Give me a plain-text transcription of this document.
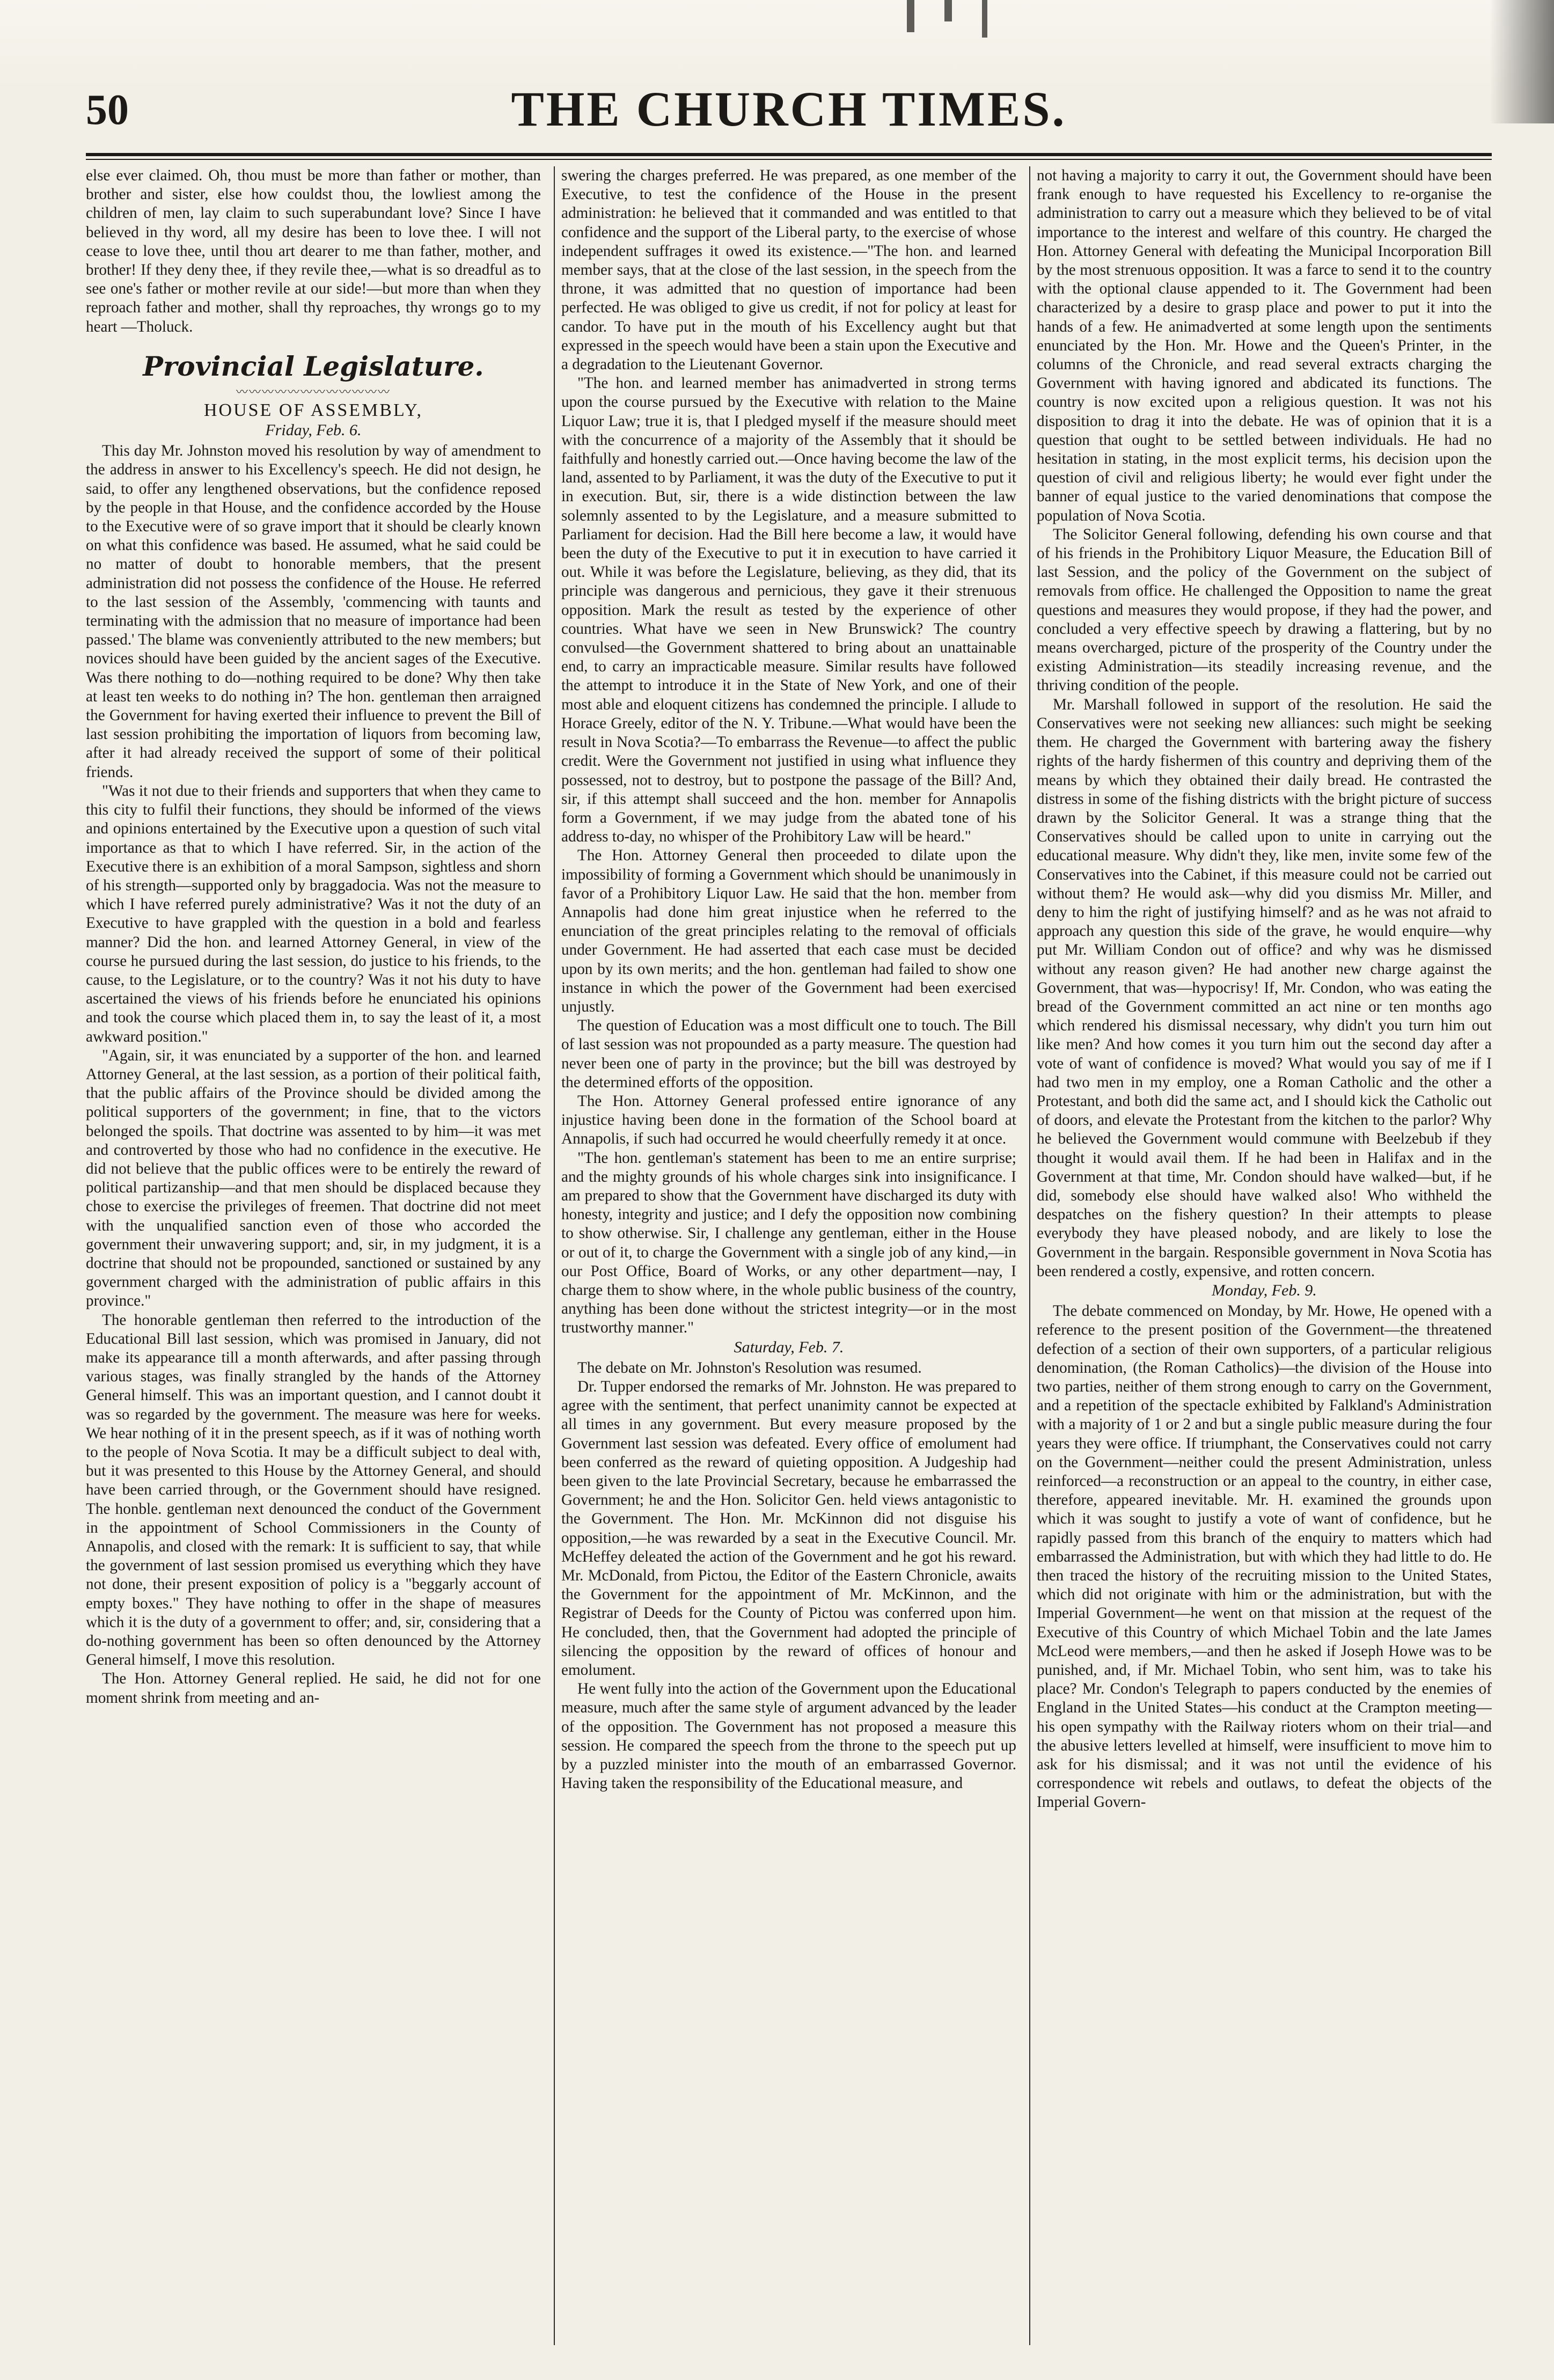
50	THE CHURCH TIMES.

else ever claimed. Oh, thou must be more than father or mother, than brother and sister, else how couldst thou, the lowliest among the children of men, lay claim to such superabundant love? Since I have believed in thy word, all my desire has been to love thee. I will not cease to love thee, until thou art dearer to me than father, mother, and brother! If they deny thee, if they revile thee,—what is so dreadful as to see one's father or mother revile at our side!—but more than when they reproach father and mother, shall thy reproaches, thy wrongs go to my heart —Tholuck.

Provincial Legislature.
〰〰〰〰〰〰〰〰〰〰〰〰
HOUSE OF ASSEMBLY,
Friday, Feb. 6.

This day Mr. Johnston moved his resolution by way of amendment to the address in answer to his Excellency's speech. He did not design, he said, to offer any lengthened observations, but the confidence reposed by the people in that House, and the confidence accorded by the House to the Executive were of so grave import that it should be clearly known on what this confidence was based. He assumed, what he said could be no matter of doubt to honorable members, that the present administration did not possess the confidence of the House. He referred to the last session of the Assembly, 'commencing with taunts and terminating with the admission that no measure of importance had been passed.' The blame was conveniently attributed to the new members; but novices should have been guided by the ancient sages of the Executive. Was there nothing to do—nothing required to be done? Why then take at least ten weeks to do nothing in? The hon. gentleman then arraigned the Government for having exerted their influence to prevent the Bill of last session prohibiting the importation of liquors from becoming law, after it had already received the support of some of their political friends.

"Was it not due to their friends and supporters that when they came to this city to fulfil their functions, they should be informed of the views and opinions entertained by the Executive upon a question of such vital importance as that to which I have referred. Sir, in the action of the Executive there is an exhibition of a moral Sampson, sightless and shorn of his strength—supported only by braggadocia. Was not the measure to which I have referred purely administrative? Was it not the duty of an Executive to have grappled with the question in a bold and fearless manner? Did the hon. and learned Attorney General, in view of the course he pursued during the last session, do justice to his friends, to the cause, to the Legislature, or to the country? Was it not his duty to have ascertained the views of his friends before he enunciated his opinions and took the course which placed them in, to say the least of it, a most awkward position."

"Again, sir, it was enunciated by a supporter of the hon. and learned Attorney General, at the last session, as a portion of their political faith, that the public affairs of the Province should be divided among the political supporters of the government; in fine, that to the victors belonged the spoils. That doctrine was assented to by him—it was met and controverted by those who had no confidence in the executive. He did not believe that the public offices were to be entirely the reward of political partizanship—and that men should be displaced because they chose to exercise the privileges of freemen. That doctrine did not meet with the unqualified sanction even of those who accorded the government their unwavering support; and, sir, in my judgment, it is a doctrine that should not be propounded, sanctioned or sustained by any government charged with the administration of public affairs in this province."

The honorable gentleman then referred to the introduction of the Educational Bill last session, which was promised in January, did not make its appearance till a month afterwards, and after passing through various stages, was finally strangled by the hands of the Attorney General himself. This was an important question, and I cannot doubt it was so regarded by the government. The measure was here for weeks. We hear nothing of it in the present speech, as if it was of nothing worth to the people of Nova Scotia. It may be a difficult subject to deal with, but it was presented to this House by the Attorney General, and should have been carried through, or the Government should have resigned. The honble. gentleman next denounced the conduct of the Government in the appointment of School Commissioners in the County of Annapolis, and closed with the remark: It is sufficient to say, that while the government of last session promised us everything which they have not done, their present exposition of policy is a "beggarly account of empty boxes." They have nothing to offer in the shape of measures which it is the duty of a government to offer; and, sir, considering that a do-nothing government has been so often denounced by the Attorney General himself, I move this resolution.

The Hon. Attorney General replied. He said, he did not for one moment shrink from meeting and an-

swering the charges preferred. He was prepared, as one member of the Executive, to test the confidence of the House in the present administration: he believed that it commanded and was entitled to that confidence and the support of the Liberal party, to the exercise of whose independent suffrages it owed its existence.—"The hon. and learned member says, that at the close of the last session, in the speech from the throne, it was admitted that no question of importance had been perfected. He was obliged to give us credit, if not for policy at least for candor. To have put in the mouth of his Excellency aught but that expressed in the speech would have been a stain upon the Executive and a degradation to the Lieutenant Governor.

"The hon. and learned member has animadverted in strong terms upon the course pursued by the Executive with relation to the Maine Liquor Law; true it is, that I pledged myself if the measure should meet with the concurrence of a majority of the Assembly that it should be faithfully and honestly carried out.—Once having become the law of the land, assented to by Parliament, it was the duty of the Executive to put it in execution. But, sir, there is a wide distinction between the law solemnly assented to by the Legislature, and a measure submitted to Parliament for decision. Had the Bill here become a law, it would have been the duty of the Executive to put it in execution to have carried it out. While it was before the Legislature, believing, as they did, that its principle was dangerous and pernicious, they gave it their strenuous opposition. Mark the result as tested by the experience of other countries. What have we seen in New Brunswick? The country convulsed—the Government shattered to bring about an unattainable end, to carry an impracticable measure. Similar results have followed the attempt to introduce it in the State of New York, and one of their most able and eloquent citizens has condemned the principle. I allude to Horace Greely, editor of the N. Y. Tribune.—What would have been the result in Nova Scotia?—To embarrass the Revenue—to affect the public credit. Were the Government not justified in using what influence they possessed, not to destroy, but to postpone the passage of the Bill? And, sir, if this attempt shall succeed and the hon. member for Annapolis form a Government, if we may judge from the abated tone of his address to-day, no whisper of the Prohibitory Law will be heard."

The Hon. Attorney General then proceeded to dilate upon the impossibility of forming a Government which should be unanimously in favor of a Prohibitory Liquor Law. He said that the hon. member from Annapolis had done him great injustice when he referred to the enunciation of the great principles relating to the removal of officials under Government. He had asserted that each case must be decided upon by its own merits; and the hon. gentleman had failed to show one instance in which the power of the Government had been exercised unjustly.

The question of Education was a most difficult one to touch. The Bill of last session was not propounded as a party measure. The question had never been one of party in the province; but the bill was destroyed by the determined efforts of the opposition.

The Hon. Attorney General professed entire ignorance of any injustice having been done in the formation of the School board at Annapolis, if such had occurred he would cheerfully remedy it at once.

"The hon. gentleman's statement has been to me an entire surprise; and the mighty grounds of his whole charges sink into insignificance. I am prepared to show that the Government have discharged its duty with honesty, integrity and justice; and I defy the opposition now combining to show otherwise. Sir, I challenge any gentleman, either in the House or out of it, to charge the Government with a single job of any kind,—in our Post Office, Board of Works, or any other department—nay, I charge them to show where, in the whole public business of the country, anything has been done without the strictest integrity—or in the most trustworthy manner."

Saturday, Feb. 7.

The debate on Mr. Johnston's Resolution was resumed.

Dr. Tupper endorsed the remarks of Mr. Johnston. He was prepared to agree with the sentiment, that perfect unanimity cannot be expected at all times in any government. But every measure proposed by the Government last session was defeated. Every office of emolument had been conferred as the reward of quieting opposition. A Judgeship had been given to the late Provincial Secretary, because he embarrassed the Government; he and the Hon. Solicitor Gen. held views antagonistic to the Government. The Hon. Mr. McKinnon did not disguise his opposition,—he was rewarded by a seat in the Executive Council. Mr. McHeffey deleated the action of the Government and he got his reward. Mr. McDonald, from Pictou, the Editor of the Eastern Chronicle, awaits the Government for the appointment of Mr. McKinnon, and the Registrar of Deeds for the County of Pictou was conferred upon him. He concluded, then, that the Government had adopted the principle of silencing the opposition by the reward of offices of honour and emolument.

He went fully into the action of the Government upon the Educational measure, much after the same style of argument advanced by the leader of the opposition. The Government has not proposed a measure this session. He compared the speech from the throne to the speech put up by a puzzled minister into the mouth of an embarrassed Governor. Having taken the responsibility of the Educational measure, and

not having a majority to carry it out, the Government should have been frank enough to have requested his Excellency to re-organise the administration to carry out a measure which they believed to be of vital importance to the interest and welfare of this country. He charged the Hon. Attorney General with defeating the Municipal Incorporation Bill by the most strenuous opposition. It was a farce to send it to the country with the optional clause appended to it. The Government had been characterized by a desire to grasp place and power to put it into the hands of a few. He animadverted at some length upon the sentiments enunciated by the Hon. Mr. Howe and the Queen's Printer, in the columns of the Chronicle, and read several extracts charging the Government with having ignored and abdicated its functions. The country is now excited upon a religious question. It was not his disposition to drag it into the debate. He was of opinion that it is a question that ought to be settled between individuals. He had no hesitation in stating, in the most explicit terms, his decision upon the question of civil and religious liberty; he would ever fight under the banner of equal justice to the varied denominations that compose the population of Nova Scotia.

The Solicitor General following, defending his own course and that of his friends in the Prohibitory Liquor Measure, the Education Bill of last Session, and the policy of the Government on the subject of removals from office. He challenged the Opposition to name the great questions and measures they would propose, if they had the power, and concluded a very effective speech by drawing a flattering, but by no means overcharged, picture of the prosperity of the Country under the existing Administration—its steadily increasing revenue, and the thriving condition of the people.

Mr. Marshall followed in support of the resolution. He said the Conservatives were not seeking new alliances: such might be seeking them. He charged the Government with bartering away the fishery rights of the hardy fishermen of this country and depriving them of the means by which they obtained their daily bread. He contrasted the distress in some of the fishing districts with the bright picture of success drawn by the Solicitor General. It was a strange thing that the Conservatives should be called upon to unite in carrying out the educational measure. Why didn't they, like men, invite some few of the Conservatives into the Cabinet, if this measure could not be carried out without them? He would ask—why did you dismiss Mr. Miller, and deny to him the right of justifying himself? and as he was not afraid to approach any question this side of the grave, he would enquire—why put Mr. William Condon out of office? and why was he dismissed without any reason given? He had another new charge against the Government, that was—hypocrisy! If, Mr. Condon, who was eating the bread of the Government committed an act nine or ten months ago which rendered his dismissal necessary, why didn't you turn him out like men? And how comes it you turn him out the second day after a vote of want of confidence is moved? What would you say of me if I had two men in my employ, one a Roman Catholic and the other a Protestant, and both did the same act, and I should kick the Catholic out of doors, and elevate the Protestant from the kitchen to the parlor? Why he believed the Government would commune with Beelzebub if they thought it would avail them. If he had been in Halifax and in the Government at that time, Mr. Condon should have walked—but, if he did, somebody else should have walked also! Who withheld the despatches on the fishery question? In their attempts to please everybody they have pleased nobody, and are likely to lose the Government in the bargain. Responsible government in Nova Scotia has been rendered a costly, expensive, and rotten concern.

Monday, Feb. 9.

The debate commenced on Monday, by Mr. Howe, He opened with a reference to the present position of the Government—the threatened defection of a section of their own supporters, of a particular religious denomination, (the Roman Catholics)—the division of the House into two parties, neither of them strong enough to carry on the Government, and a repetition of the spectacle exhibited by Falkland's Administration with a majority of 1 or 2 and but a single public measure during the four years they were office. If triumphant, the Conservatives could not carry on the Government—neither could the present Administration, unless reinforced—a reconstruction or an appeal to the country, in either case, therefore, appeared inevitable. Mr. H. examined the grounds upon which it was sought to justify a vote of want of confidence, but he rapidly passed from this branch of the enquiry to matters which had embarrassed the Administration, but with which they had little to do. He then traced the history of the recruiting mission to the United States, which did not originate with him or the administration, but with the Imperial Government—he went on that mission at the request of the Executive of this Country of which Michael Tobin and the late James McLeod were members,—and then he asked if Joseph Howe was to be punished, and, if Mr. Michael Tobin, who sent him, was to take his place? Mr. Condon's Telegraph to papers conducted by the enemies of England in the United States—his conduct at the Crampton meeting—his open sympathy with the Railway rioters whom on their trial—and the abusive letters levelled at himself, were insufficient to move him to ask for his dismissal; and it was not until the evidence of his correspondence wit rebels and outlaws, to defeat the objects of the Imperial Govern-
